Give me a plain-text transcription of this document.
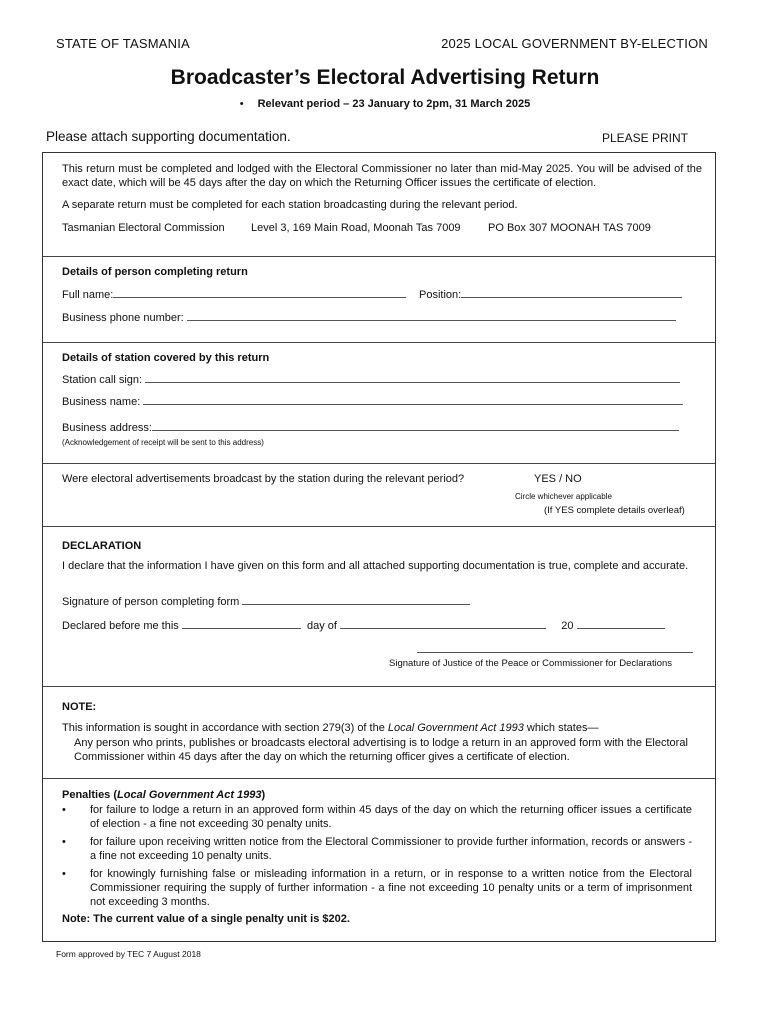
STATE OF TASMANIA	2025 LOCAL GOVERNMENT BY-ELECTION
Broadcaster’s Electoral Advertising Return
• Relevant period – 23 January to 2pm, 31 March 2025
Please attach supporting documentation.	PLEASE PRINT
This return must be completed and lodged with the Electoral Commissioner no later than mid-May 2025. You will be advised of the exact date, which will be 45 days after the day on which the Returning Officer issues the certificate of election.
A separate return must be completed for each station broadcasting during the relevant period.
Tasmanian Electoral Commission Level 3, 169 Main Road, Moonah Tas 7009 PO Box 307 MOONAH TAS 7009
Details of person completing return
Full name:	Position:
Business phone number:
Details of station covered by this return
Station call sign:
Business name:
Business address:
(Acknowledgement of receipt will be sent to this address)
Were electoral advertisements broadcast by the station during the relevant period?	YES / NO
Circle whichever applicable
(If YES complete details overleaf)
DECLARATION
I declare that the information I have given on this form and all attached supporting documentation is true, complete and accurate.
Signature of person completing form
Declared before me this	day of	20
Signature of Justice of the Peace or Commissioner for Declarations
NOTE:
This information is sought in accordance with section 279(3) of the Local Government Act 1993 which states—
Any person who prints, publishes or broadcasts electoral advertising is to lodge a return in an approved form with the Electoral Commissioner within 45 days after the day on which the returning officer gives a certificate of election.
Penalties (Local Government Act 1993)
• for failure to lodge a return in an approved form within 45 days of the day on which the returning officer issues a certificate of election - a fine not exceeding 30 penalty units.
• for failure upon receiving written notice from the Electoral Commissioner to provide further information, records or answers - a fine not exceeding 10 penalty units.
• for knowingly furnishing false or misleading information in a return, or in response to a written notice from the Electoral Commissioner requiring the supply of further information - a fine not exceeding 10 penalty units or a term of imprisonment not exceeding 3 months.
Note: The current value of a single penalty unit is $202.
Form approved by TEC 7 August 2018
